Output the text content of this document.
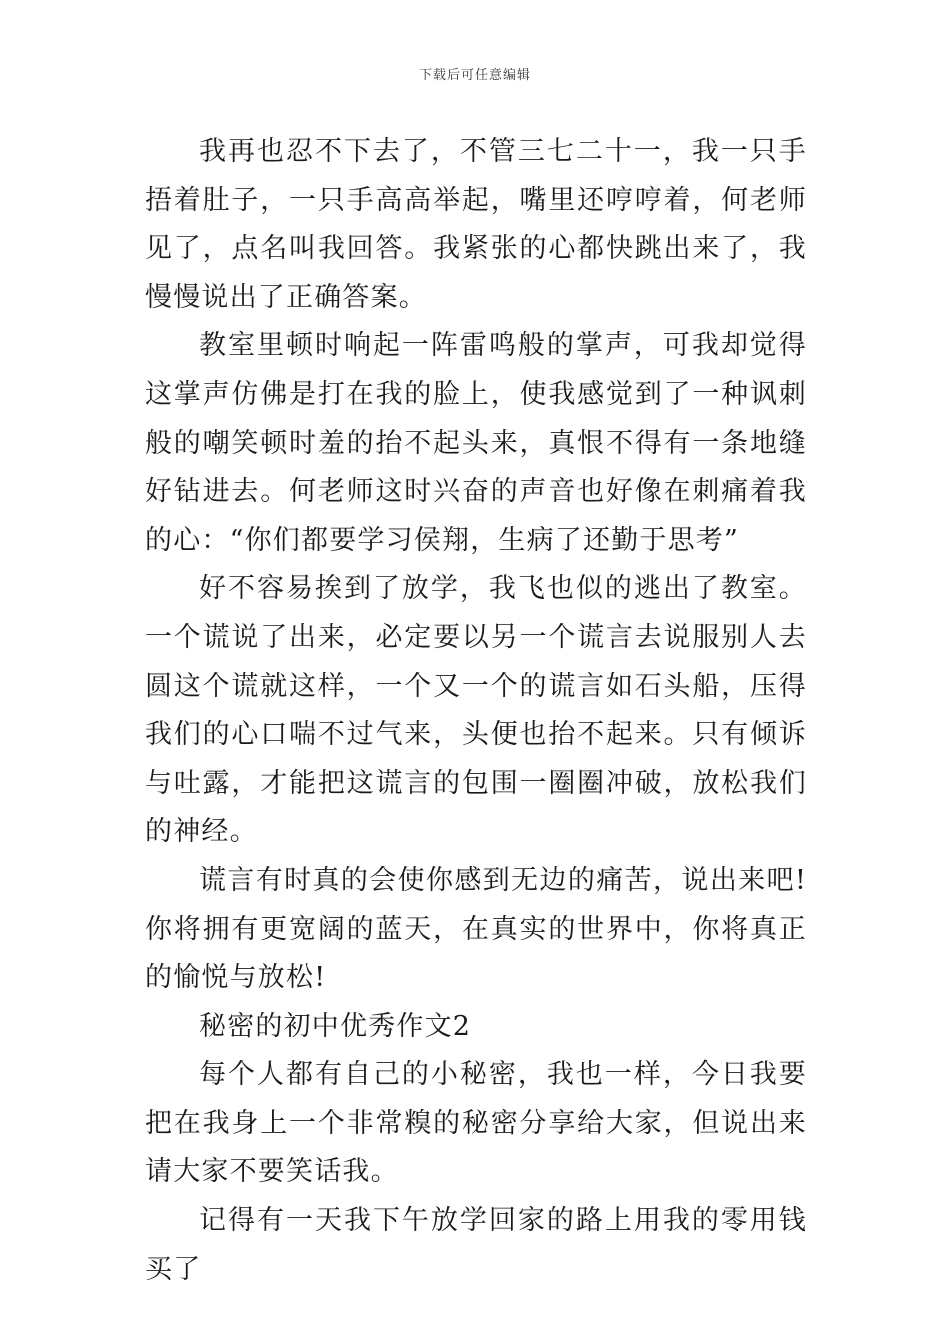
下载后可任意编辑

我再也忍不下去了，不管三七二十一，我一只手捂着肚子，一只手高高举起，嘴里还哼哼着，何老师见了，点名叫我回答。我紧张的心都快跳出来了，我慢慢说出了正确答案。

教室里顿时响起一阵雷鸣般的掌声，可我却觉得这掌声仿佛是打在我的脸上，使我感觉到了一种讽刺般的嘲笑顿时羞的抬不起头来，真恨不得有一条地缝好钻进去。何老师这时兴奋的声音也好像在刺痛着我的心：“你们都要学习侯翔，生病了还勤于思考”

好不容易挨到了放学，我飞也似的逃出了教室。一个谎说了出来，必定要以另一个谎言去说服别人去圆这个谎就这样，一个又一个的谎言如石头船，压得我们的心口喘不过气来，头便也抬不起来。只有倾诉与吐露，才能把这谎言的包围一圈圈冲破，放松我们的神经。

谎言有时真的会使你感到无边的痛苦，说出来吧!你将拥有更宽阔的蓝天，在真实的世界中，你将真正的愉悦与放松!

秘密的初中优秀作文2

每个人都有自己的小秘密，我也一样，今日我要把在我身上一个非常糗的秘密分享给大家，但说出来请大家不要笑话我。

记得有一天我下午放学回家的路上用我的零用钱买了
